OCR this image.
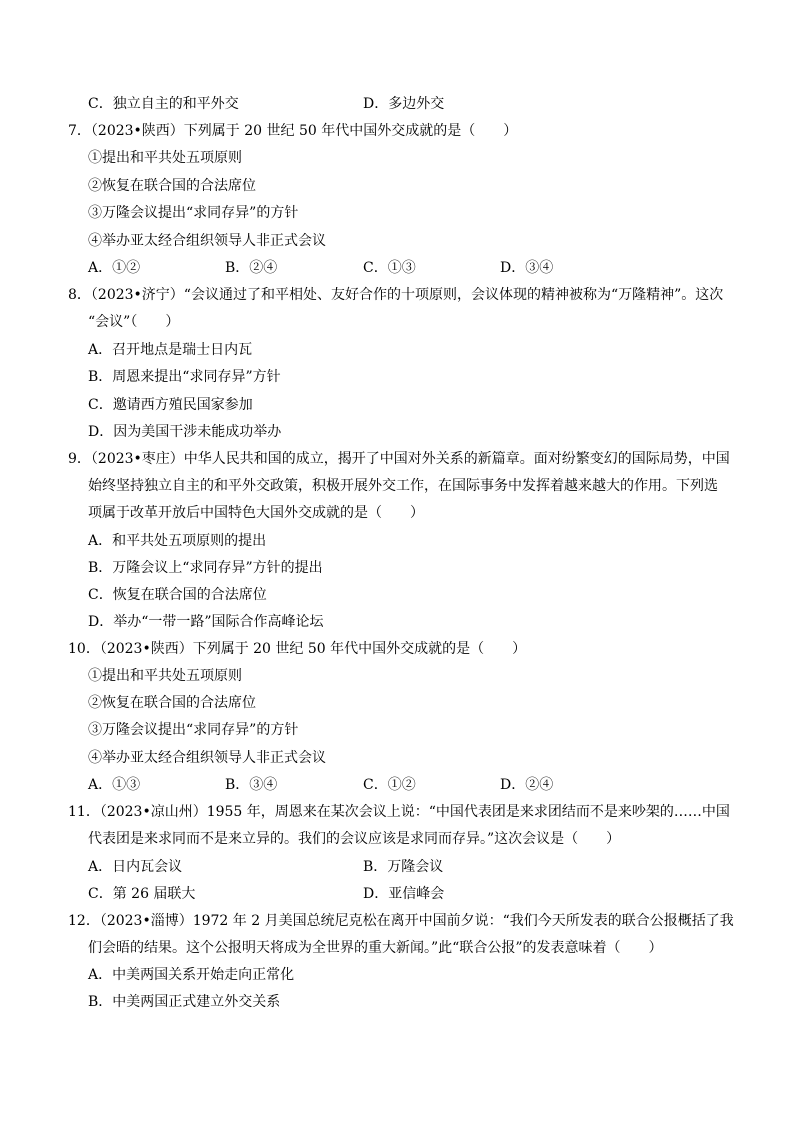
C．独立自主的和平外交	D．多边外交
7．（2023•陕西）下列属于 20 世纪 50 年代中国外交成就的是（　　）
①提出和平共处五项原则
②恢复在联合国的合法席位
③万隆会议提出“求同存异”的方针
④举办亚太经合组织领导人非正式会议
A．①②	B．②④	C．①③	D．③④
8．（2023•济宁）“会议通过了和平相处、友好合作的十项原则，会议体现的精神被称为“万隆精神”。这次
“会议”（　　）
A．召开地点是瑞士日内瓦
B．周恩来提出“求同存异”方针
C．邀请西方殖民国家参加
D．因为美国干涉未能成功举办
9．（2023•枣庄）中华人民共和国的成立，揭开了中国对外关系的新篇章。面对纷繁变幻的国际局势，中国
始终坚持独立自主的和平外交政策，积极开展外交工作，在国际事务中发挥着越来越大的作用。下列选
项属于改革开放后中国特色大国外交成就的是（　　）
A．和平共处五项原则的提出
B．万隆会议上“求同存异”方针的提出
C．恢复在联合国的合法席位
D．举办“一带一路”国际合作高峰论坛
10．（2023•陕西）下列属于 20 世纪 50 年代中国外交成就的是（　　）
①提出和平共处五项原则
②恢复在联合国的合法席位
③万隆会议提出“求同存异”的方针
④举办亚太经合组织领导人非正式会议
A．①③	B．③④	C．①②	D．②④
11．（2023•凉山州）1955 年，周恩来在某次会议上说：“中国代表团是来求团结而不是来吵架的……中国
代表团是来求同而不是来立异的。我们的会议应该是求同而存异。”这次会议是（　　）
A．日内瓦会议	B．万隆会议
C．第 26 届联大	D．亚信峰会
12．（2023•淄博）1972 年 2 月美国总统尼克松在离开中国前夕说：“我们今天所发表的联合公报概括了我
们会晤的结果。这个公报明天将成为全世界的重大新闻。”此“联合公报”的发表意味着（　　）
A．中美两国关系开始走向正常化
B．中美两国正式建立外交关系
